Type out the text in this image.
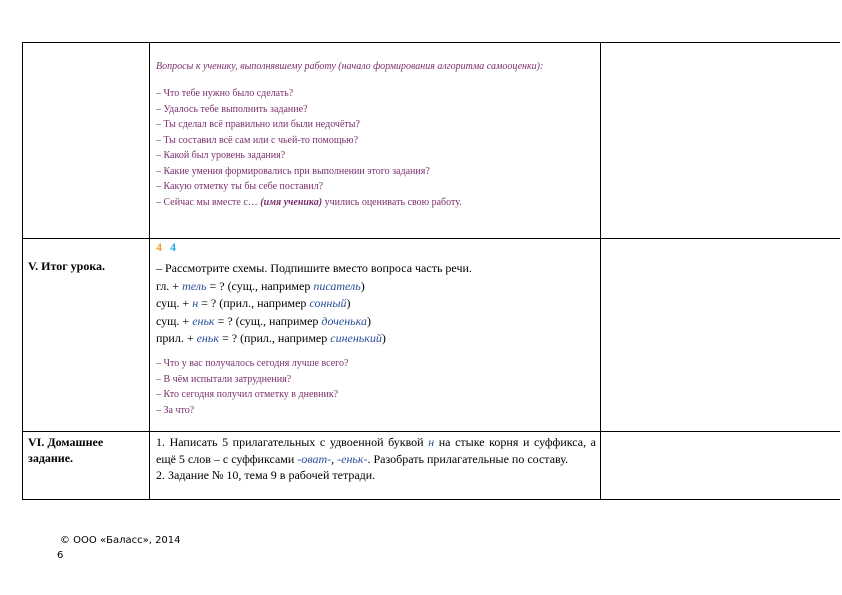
Вопросы к ученику, выполнявшему работу (начало формирования алгоритма самооценки):
– Что тебе нужно было сделать?
– Удалось тебе выполнить задание?
– Ты сделал всё правильно или были недочёты?
– Ты составил всё сам или с чьей-то помощью?
– Какой был уровень задания?
– Какие умения формировались при выполнении этого задания?
– Какую отметку ты бы себе поставил?
– Сейчас мы вместе с… (имя ученика) учились оценивать свою работу.
4 4
V. Итог урока.	– Рассмотрите схемы. Подпишите вместо вопроса часть речи.
гл. + тель = ? (сущ., например писатель)
сущ. + н = ? (прил., например сонный)
сущ. + еньк = ? (сущ., например доченька)
прил. + еньк = ? (прил., например синенький)
– Что у вас получалось сегодня лучше всего?
– В чём испытали затруднения?
– Кто сегодня получил отметку в дневник?
– За что?
VI. Домашнее
задание.
1. Написать 5 прилагательных с удвоенной буквой н на стыке корня и суффикса, а ещё 5 слов – с суффиксами -оват-, -еньк-. Разобрать прилагательные по составу.
2. Задание № 10, тема 9 в рабочей тетради.
© ООО «Баласс», 2014
6
